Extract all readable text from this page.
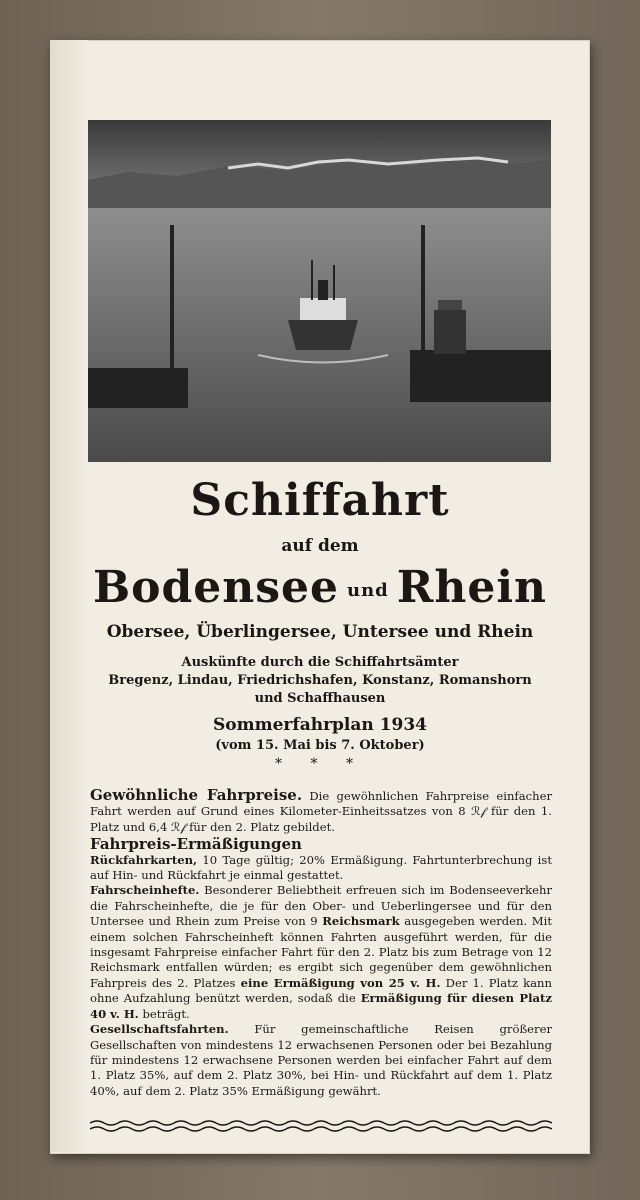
Schiffahrt
auf dem
Bodensee und Rhein
Obersee, Überlingersee, Untersee und Rhein
Auskünfte durch die Schiffahrtsämter
Bregenz, Lindau, Friedrichshafen, Konstanz, Romanshorn
und Schaffhausen
Sommerfahrplan 1934
(vom 15. Mai bis 7. Oktober)
* * *
Gewöhnliche Fahrpreise. Die gewöhnlichen Fahrpreise einfacher Fahrt werden auf Grund eines Kilometer-Einheitssatzes von 8 ℛ𝒻 für den 1. Platz und 6,4 ℛ𝒻 für den 2. Platz gebildet.
Fahrpreis-Ermäßigungen
Rückfahrkarten, 10 Tage gültig; 20% Ermäßigung. Fahrtunterbrechung ist auf Hin- und Rückfahrt je einmal gestattet.
Fahrscheinhefte. Besonderer Beliebtheit erfreuen sich im Bodenseeverkehr die Fahrscheinhefte, die je für den Ober- und Ueberlingersee und für den Untersee und Rhein zum Preise von 9 Reichsmark ausgegeben werden. Mit einem solchen Fahrscheinheft können Fahrten ausgeführt werden, für die insgesamt Fahrpreise einfacher Fahrt für den 2. Platz bis zum Betrage von 12 Reichsmark entfallen würden; es ergibt sich gegenüber dem gewöhnlichen Fahrpreis des 2. Platzes eine Ermäßigung von 25 v. H. Der 1. Platz kann ohne Aufzahlung benützt werden, sodaß die Ermäßigung für diesen Platz 40 v. H. beträgt.
Gesellschaftsfahrten. Für gemeinschaftliche Reisen größerer Gesellschaften von mindestens 12 erwachsenen Personen oder bei Bezahlung für mindestens 12 erwachsene Personen werden bei einfacher Fahrt auf dem 1. Platz 35%, auf dem 2. Platz 30%, bei Hin- und Rückfahrt auf dem 1. Platz 40%, auf dem 2. Platz 35% Ermäßigung gewährt.
